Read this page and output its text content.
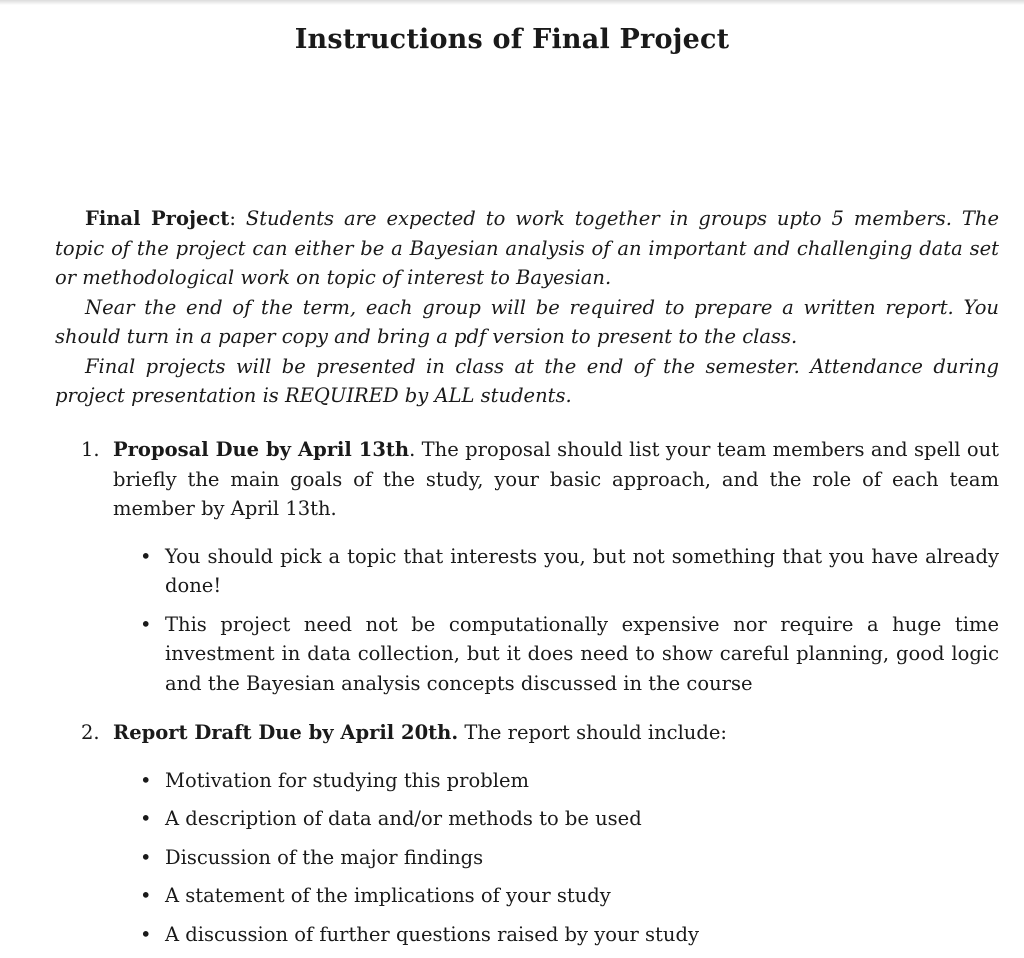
Instructions of Final Project

Final Project: Students are expected to work together in groups upto 5 members. The topic of the project can either be a Bayesian analysis of an important and challenging data set or methodological work on topic of interest to Bayesian.

Near the end of the term, each group will be required to prepare a written report. You should turn in a paper copy and bring a pdf version to present to the class.

Final projects will be presented in class at the end of the semester. Attendance during project presentation is REQUIRED by ALL students.

1. Proposal Due by April 13th. The proposal should list your team members and spell out briefly the main goals of the study, your basic approach, and the role of each team member by April 13th.
• You should pick a topic that interests you, but not something that you have already done!
• This project need not be computationally expensive nor require a huge time investment in data collection, but it does need to show careful planning, good logic and the Bayesian analysis concepts discussed in the course
2. Report Draft Due by April 20th. The report should include:
• Motivation for studying this problem
• A description of data and/or methods to be used
• Discussion of the major findings
• A statement of the implications of your study
• A discussion of further questions raised by your study
